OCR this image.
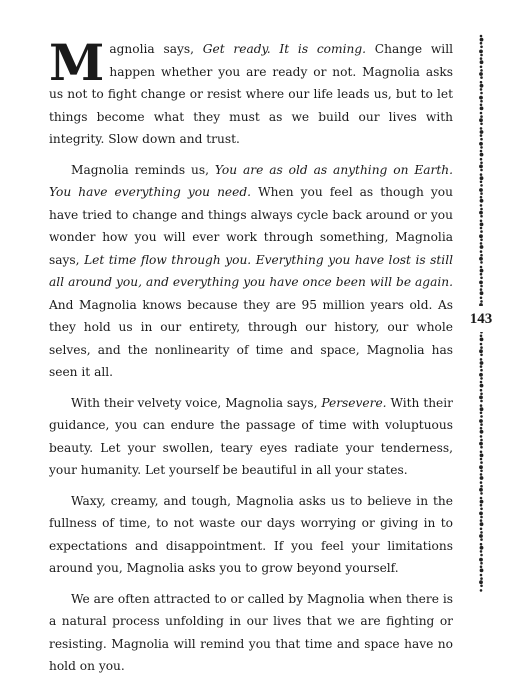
Magnolia says, Get ready. It is coming. Change will happen whether you are ready or not. Magnolia asks us not to fight change or resist where our life leads us, but to let things become what they must as we build our lives with integrity. Slow down and trust.

Magnolia reminds us, You are as old as anything on Earth. You have everything you need. When you feel as though you have tried to change and things always cycle back around or you wonder how you will ever work through something, Magnolia says, Let time flow through you. Everything you have lost is still all around you, and everything you have once been will be again. And Magnolia knows because they are 95 million years old. As they hold us in our entirety, through our history, our whole selves, and the nonlinearity of time and space, Magnolia has seen it all.

With their velvety voice, Magnolia says, Persevere. With their guidance, you can endure the passage of time with voluptuous beauty. Let your swollen, teary eyes radiate your tenderness, your humanity. Let yourself be beautiful in all your states.

Waxy, creamy, and tough, Magnolia asks us to believe in the fullness of time, to not waste our days worrying or giving in to expectations and disappointment. If you feel your limitations around you, Magnolia asks you to grow beyond yourself.

We are often attracted to or called by Magnolia when there is a natural process unfolding in our lives that we are fighting or resisting. Magnolia will remind you that time and space have no hold on you.

143
